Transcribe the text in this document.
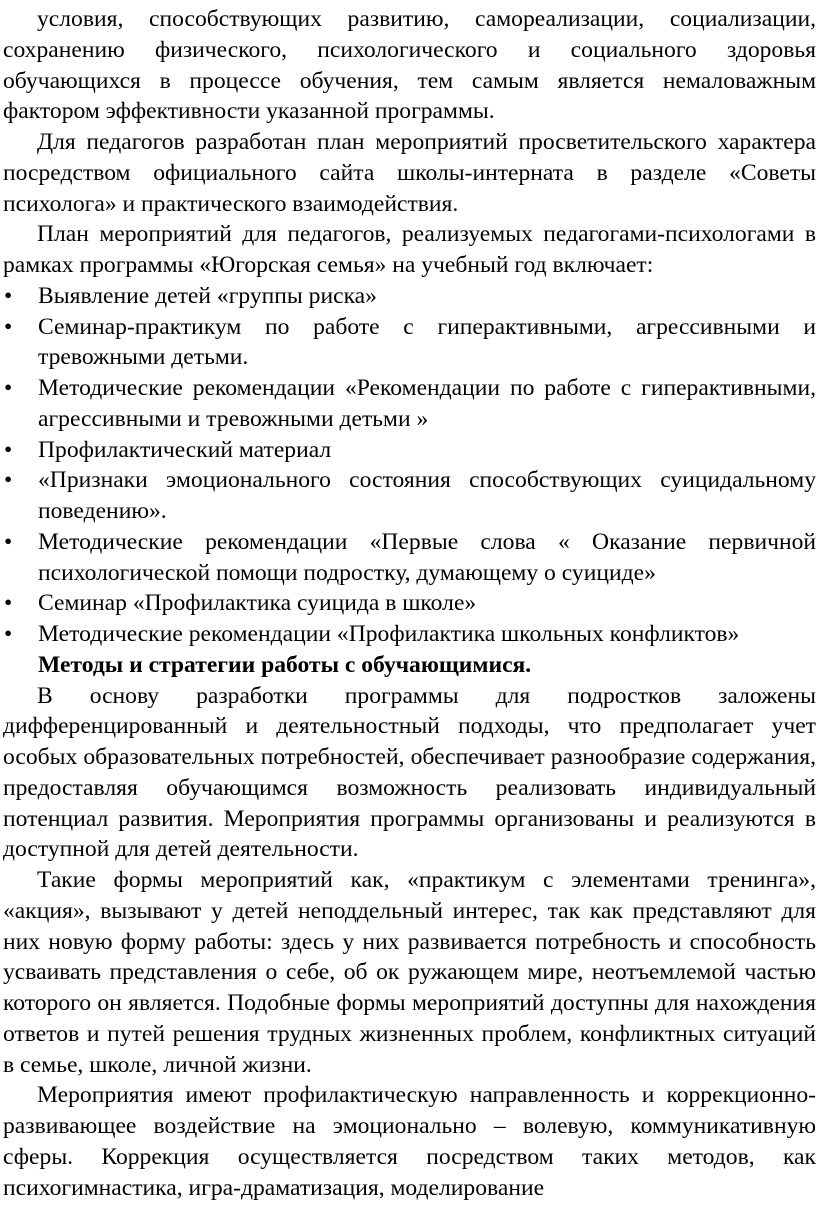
условия, способствующих развитию, самореализации, социализации, сохранению физического, психологического и социального здоровья обучающихся в процессе обучения, тем самым является немаловажным фактором эффективности указанной программы.

Для педагогов разработан план мероприятий просветительского характера посредством официального сайта школы-интерната в разделе «Советы психолога» и практического взаимодействия.

План мероприятий для педагогов, реализуемых педагогами-психологами в рамках программы «Югорская семья» на учебный год включает:

• Выявление детей «группы риска»
• Семинар-практикум по работе с гиперактивными, агрессивными и тревожными детьми.
• Методические рекомендации «Рекомендации по работе с гиперактивными, агрессивными и тревожными детьми »
• Профилактический материал
• «Признаки эмоционального состояния способствующих суицидальному поведению».
• Методические рекомендации «Первые слова « Оказание первичной психологической помощи подростку, думающему о суициде»
• Семинар «Профилактика суицида в школе»
• Методические рекомендации «Профилактика школьных конфликтов»

Методы и стратегии работы с обучающимися.

В основу разработки программы для подростков заложены дифференцированный и деятельностный подходы, что предполагает учет особых образовательных потребностей, обеспечивает разнообразие содержания, предоставляя обучающимся возможность реализовать индивидуальный потенциал развития. Мероприятия программы организованы и реализуются в доступной для детей деятельности.

Такие формы мероприятий как, «практикум с элементами тренинга», «акция», вызывают у детей неподдельный интерес, так как представляют для них новую форму работы: здесь у них развивается потребность и способность усваивать представления о себе, об ок ружающем мире, неотъемлемой частью которого он является. Подобные формы мероприятий доступны для нахождения ответов и путей решения трудных жизненных проблем, конфликтных ситуаций в семье, школе, личной жизни.

Мероприятия имеют профилактическую направленность и коррекционно-развивающее воздействие на эмоционально – волевую, коммуникативную сферы. Коррекция осуществляется посредством таких методов, как психогимнастика, игра-драматизация, моделирование
